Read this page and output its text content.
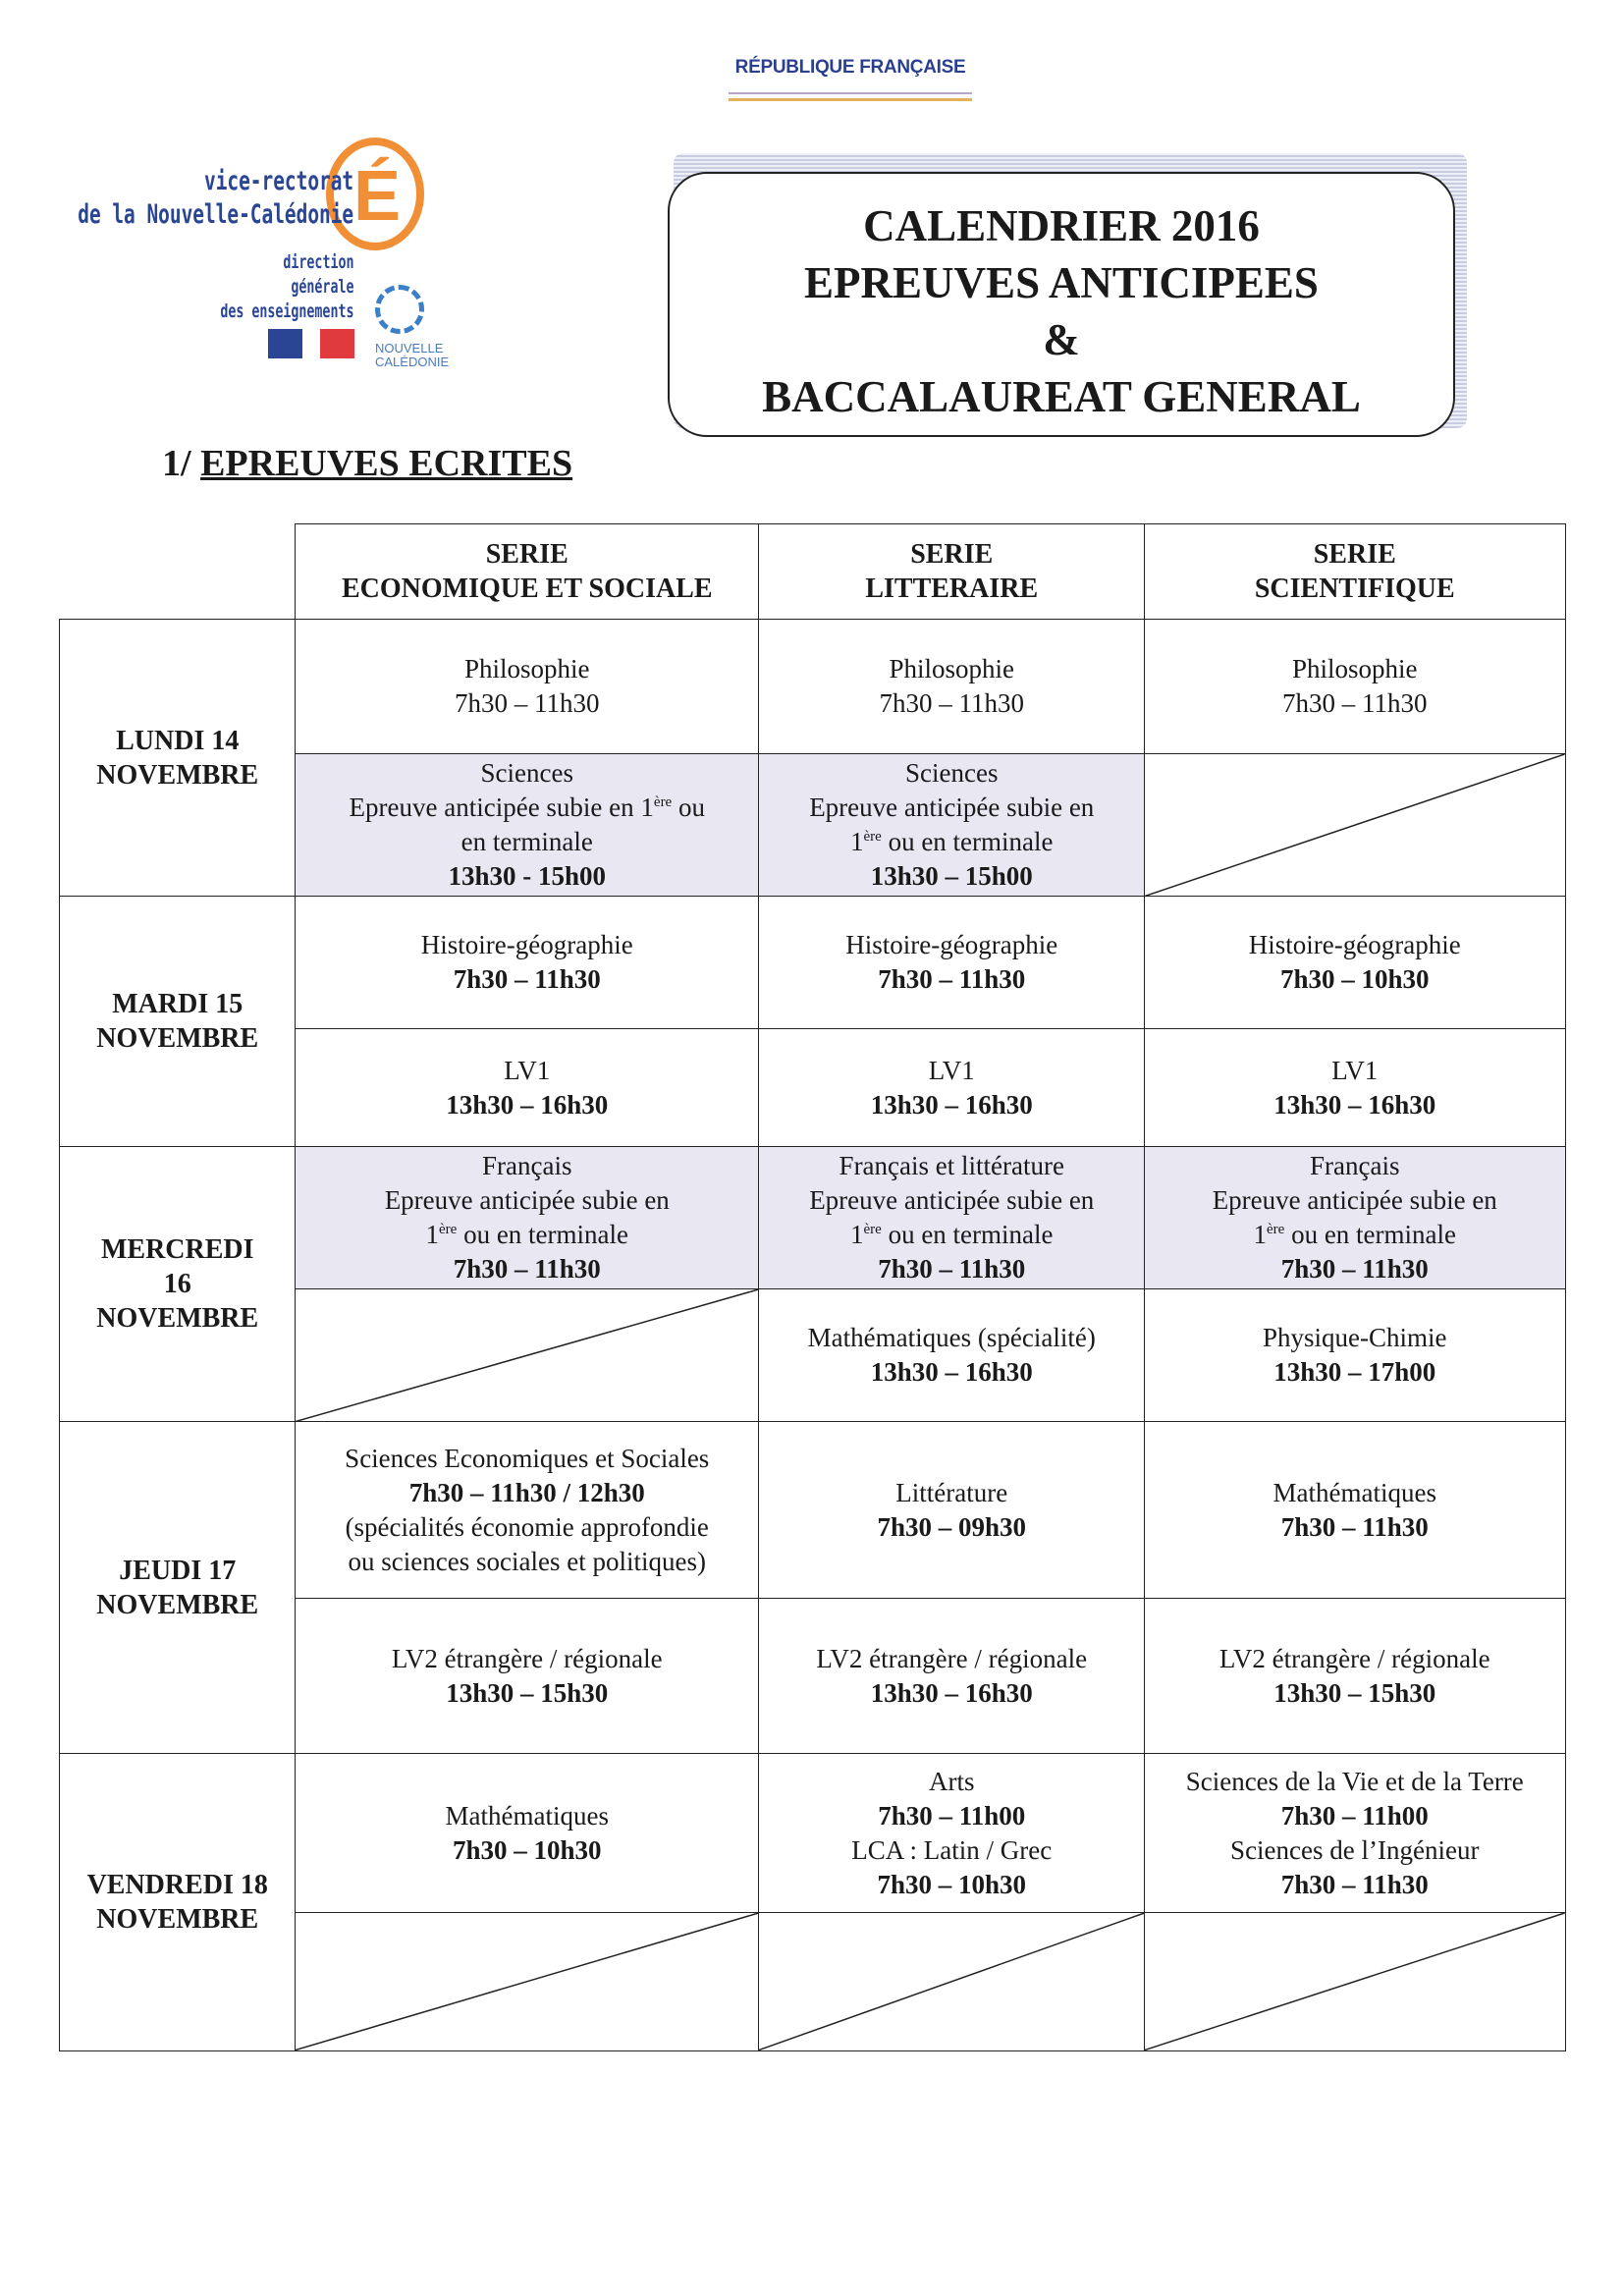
RÉPUBLIQUE FRANÇAISE
É
vice-rectorat
de la Nouvelle-Calédonie
direction
générale
des enseignements
NOUVELLE
CALÉDONIE
CALENDRIER 2016
EPREUVES ANTICIPEES
&
BACCALAUREAT GENERAL
1/ EPREUVES ECRITES
SERIE
ECONOMIQUE ET SOCIALE
SERIE
LITTERAIRE
SERIE
SCIENTIFIQUE
LUNDI 14
NOVEMBRE
Philosophie
7h30 – 11h30
Philosophie
7h30 – 11h30
Philosophie
7h30 – 11h30
Sciences
Epreuve anticipée subie en 1ère ou
en terminale
13h30 - 15h00
Sciences
Epreuve anticipée subie en
1ère ou en terminale
13h30 – 15h00
MARDI 15
NOVEMBRE
Histoire-géographie
7h30 – 11h30
Histoire-géographie
7h30 – 11h30
Histoire-géographie
7h30 – 10h30
LV1
13h30 – 16h30
LV1
13h30 – 16h30
LV1
13h30 – 16h30
MERCREDI
16
NOVEMBRE
Français
Epreuve anticipée subie en
1ère ou en terminale
7h30 – 11h30
Français et littérature
Epreuve anticipée subie en
1ère ou en terminale
7h30 – 11h30
Français
Epreuve anticipée subie en
1ère ou en terminale
7h30 – 11h30
Mathématiques (spécialité)
13h30 – 16h30
Physique-Chimie
13h30 – 17h00
JEUDI 17
NOVEMBRE
Sciences Economiques et Sociales
7h30 – 11h30 / 12h30
(spécialités économie approfondie
ou sciences sociales et politiques)
Littérature
7h30 – 09h30
Mathématiques
7h30 – 11h30
LV2 étrangère / régionale
13h30 – 15h30
LV2 étrangère / régionale
13h30 – 16h30
LV2 étrangère / régionale
13h30 – 15h30
VENDREDI 18
NOVEMBRE
Mathématiques
7h30 – 10h30
Arts
7h30 – 11h00
LCA : Latin / Grec
7h30 – 10h30
Sciences de la Vie et de la Terre
7h30 – 11h00
Sciences de l’Ingénieur
7h30 – 11h30
